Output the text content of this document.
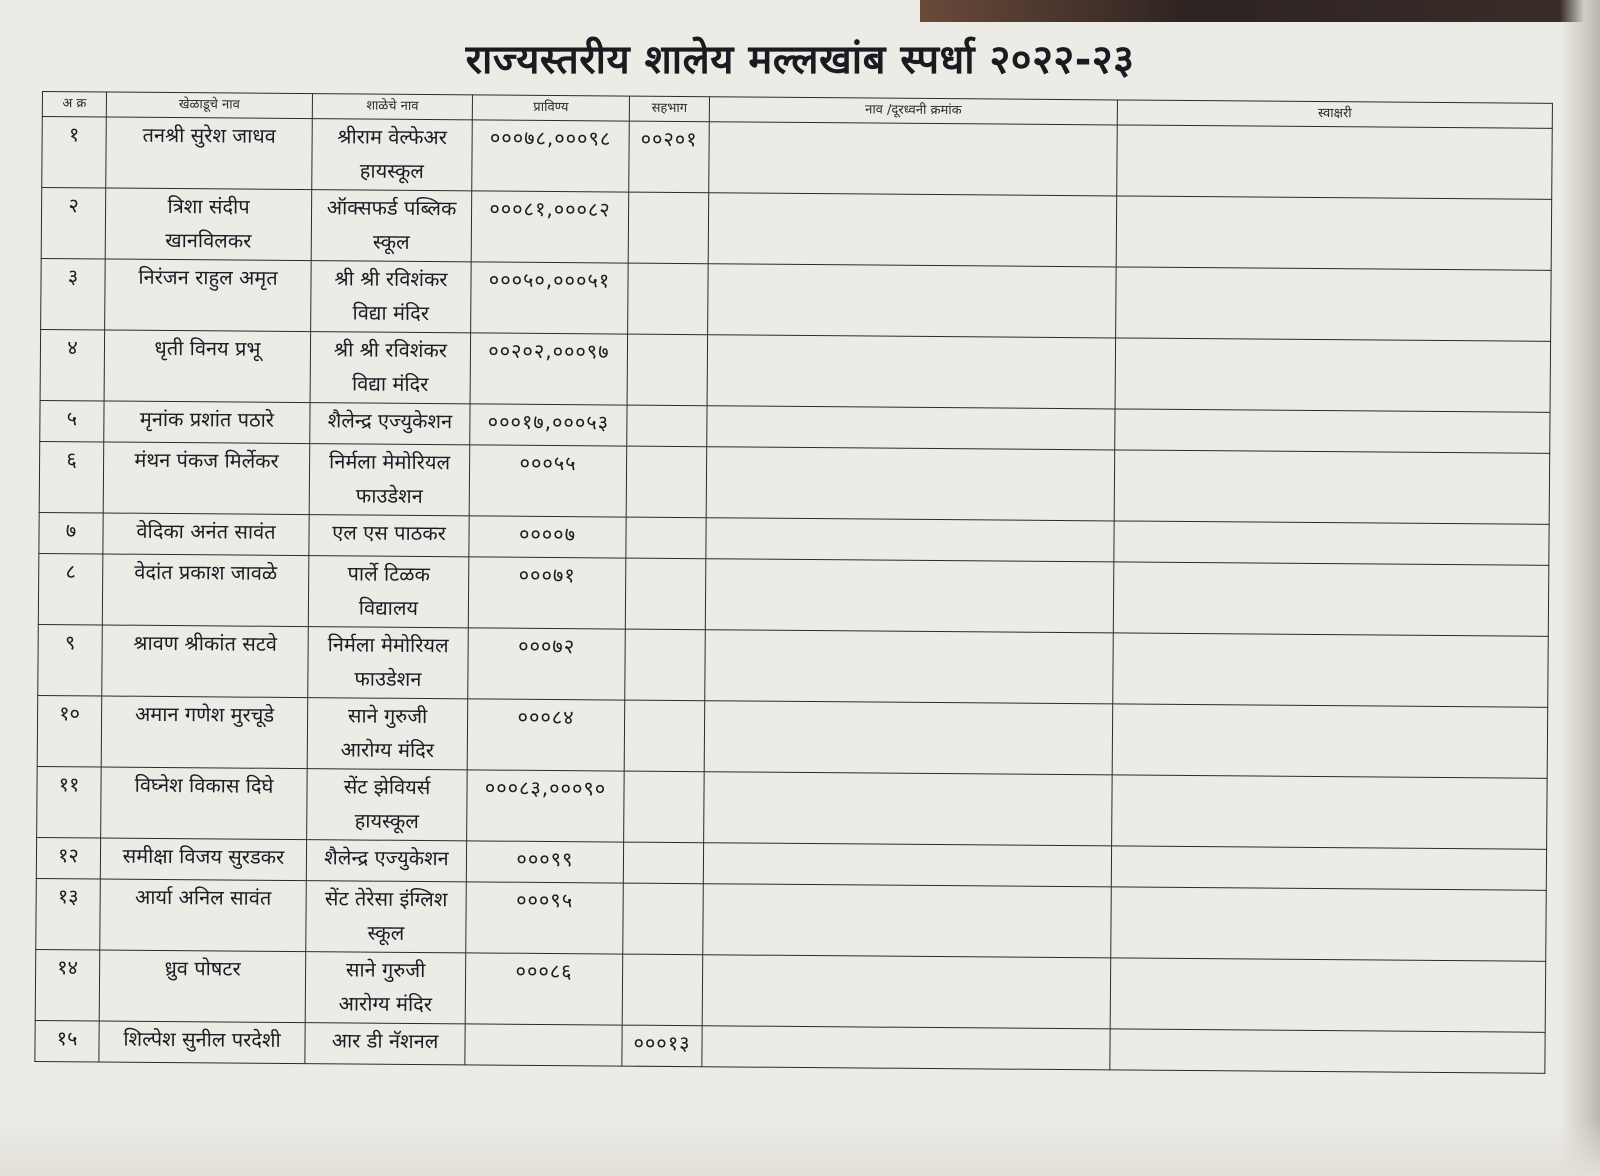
राज्यस्तरीय शालेय मल्लखांब स्पर्धा २०२२-२३
अ क्र	खेळाडूचे नाव	शाळेचे नाव	प्राविण्य	सहभाग	नाव /दूरध्वनी क्रमांक	स्वाक्षरी

१	तनश्री सुरेश जाधव	श्रीराम वेल्फेअर
हायस्कूल	०००७८,०००९८	००२०१		

२	त्रिशा संदीप
खानविलकर	ऑक्सफर्ड पब्लिक
स्कूल	०००८१,०००८२			

३	निरंजन राहुल अमृत	श्री श्री रविशंकर
विद्या मंदिर	०००५०,०००५१			

४	धृती विनय प्रभू	श्री श्री रविशंकर
विद्या मंदिर	००२०२,०००९७			

५	मृनांक प्रशांत पठारे	शैलेन्द्र एज्युकेशन	०००१७,०००५३			

६	मंथन पंकज मिर्लेकर	निर्मला मेमोरियल
फाउडेशन	०००५५			

७	वेदिका अनंत सावंत	एल एस पाठकर	००००७			

८	वेदांत प्रकाश जावळे	पार्ले टिळक
विद्यालय	०००७१			

९	श्रावण श्रीकांत सटवे	निर्मला मेमोरियल
फाउडेशन	०००७२			

१०	अमान गणेश मुरचूडे	साने गुरुजी
आरोग्य मंदिर	०००८४			

११	विघ्नेश विकास दिघे	सेंट झेवियर्स
हायस्कूल	०००८३,०००९०			

१२	समीक्षा विजय सुरडकर	शैलेन्द्र एज्युकेशन	०००९९			

१३	आर्या अनिल सावंत	सेंट तेरेसा इंग्लिश
स्कूल	०००९५			

१४	ध्रुव पोषटर	साने गुरुजी
आरोग्य मंदिर	०००८६			

१५	शिल्पेश सुनील परदेशी	आर डी नॅशनल		०००१३		
